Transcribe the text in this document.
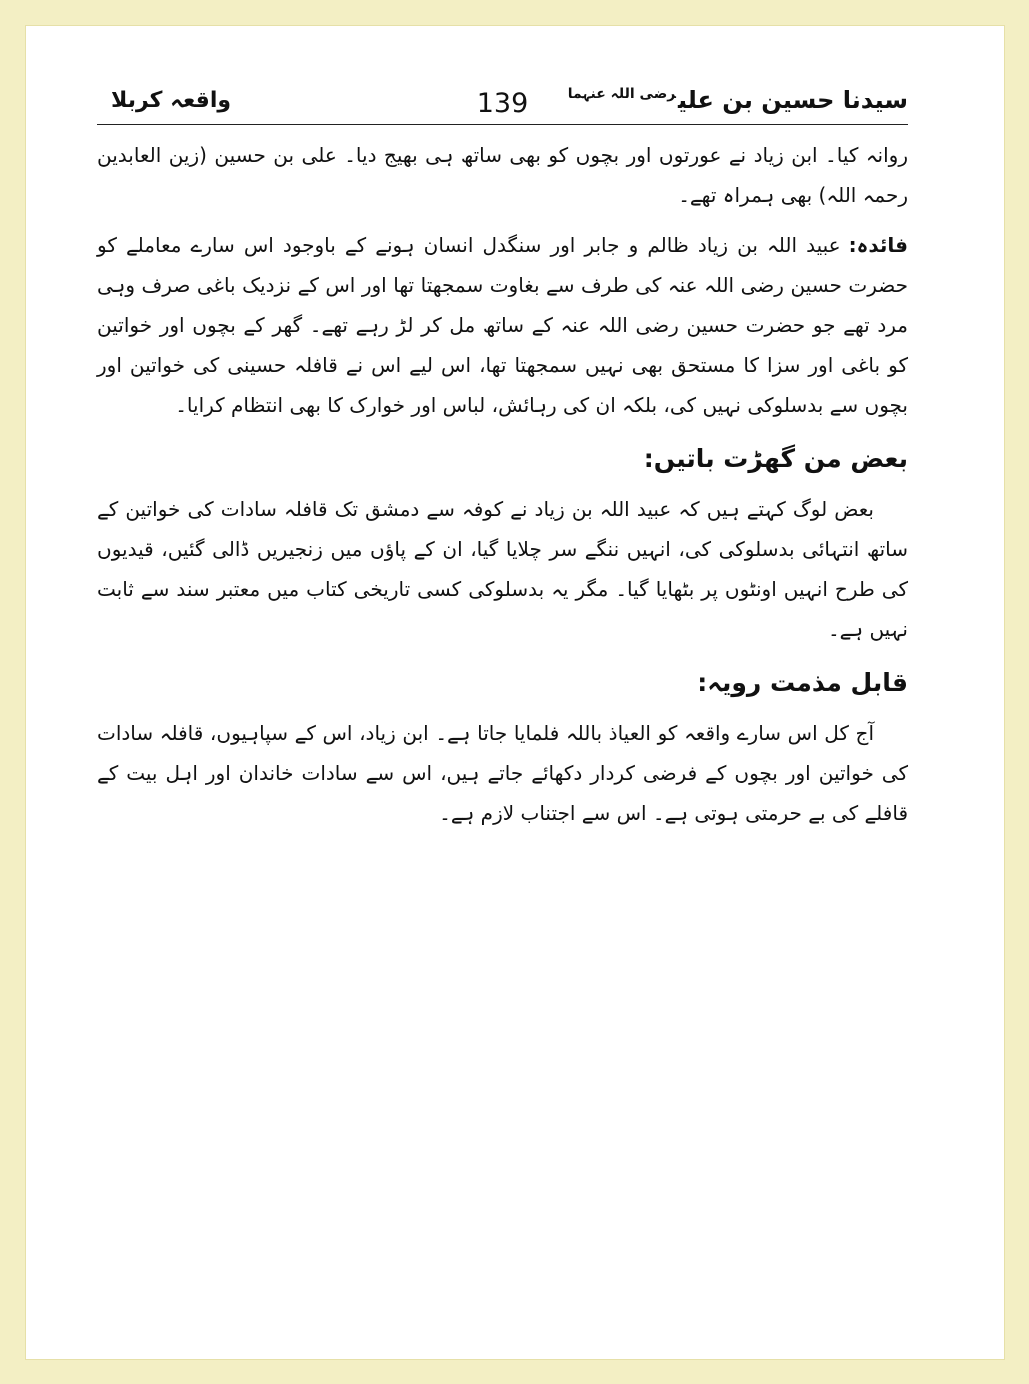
سیدنا حسین بن علی$^{رضی اللہ عنہما}$
139
واقعہ کربلا

روانہ کیا۔ ابن زیاد نے عورتوں اور بچوں کو بھی ساتھ ہی بھیج دیا۔ علی بن حسین (زین العابدین رحمہ اللہ) بھی ہمراہ تھے۔

فائدہ:عبید اللہ بن زیاد ظالم و جابر اور سنگدل انسان ہونے کے باوجود اس سارے معاملے کو حضرت حسین رضی اللہ عنہ کی طرف سے بغاوت سمجھتا تھا اور اس کے نزدیک باغی صرف وہی مرد تھے جو حضرت حسین رضی اللہ عنہ کے ساتھ مل کر لڑ رہے تھے۔ گھر کے بچوں اور خواتین کو باغی اور سزا کا مستحق بھی نہیں سمجھتا تھا، اس لیے اس نے قافلہ حسینی کی خواتین اور بچوں سے بدسلوکی نہیں کی، بلکہ ان کی رہائش، لباس اور خوارک کا بھی انتظام کرایا۔

بعض من گھڑت باتیں:

بعض لوگ کہتے ہیں کہ عبید اللہ بن زیاد نے کوفہ سے دمشق تک قافلہ سادات کی خواتین کے ساتھ انتہائی بدسلوکی کی، انہیں ننگے سر چلایا گیا، ان کے پاؤں میں زنجیریں ڈالی گئیں، قیدیوں کی طرح انہیں اونٹوں پر بٹھایا گیا۔ مگر یہ بدسلوکی کسی تاریخی کتاب میں معتبر سند سے ثابت نہیں ہے۔

قابل مذمت رویہ:

آج کل اس سارے واقعہ کو العیاذ باللہ فلمایا جاتا ہے۔ ابن زیاد، اس کے سپاہیوں، قافلہ سادات کی خواتین اور بچوں کے فرضی کردار دکھائے جاتے ہیں، اس سے سادات خاندان اور اہل بیت کے قافلے کی بے حرمتی ہوتی ہے۔ اس سے اجتناب لازم ہے۔
